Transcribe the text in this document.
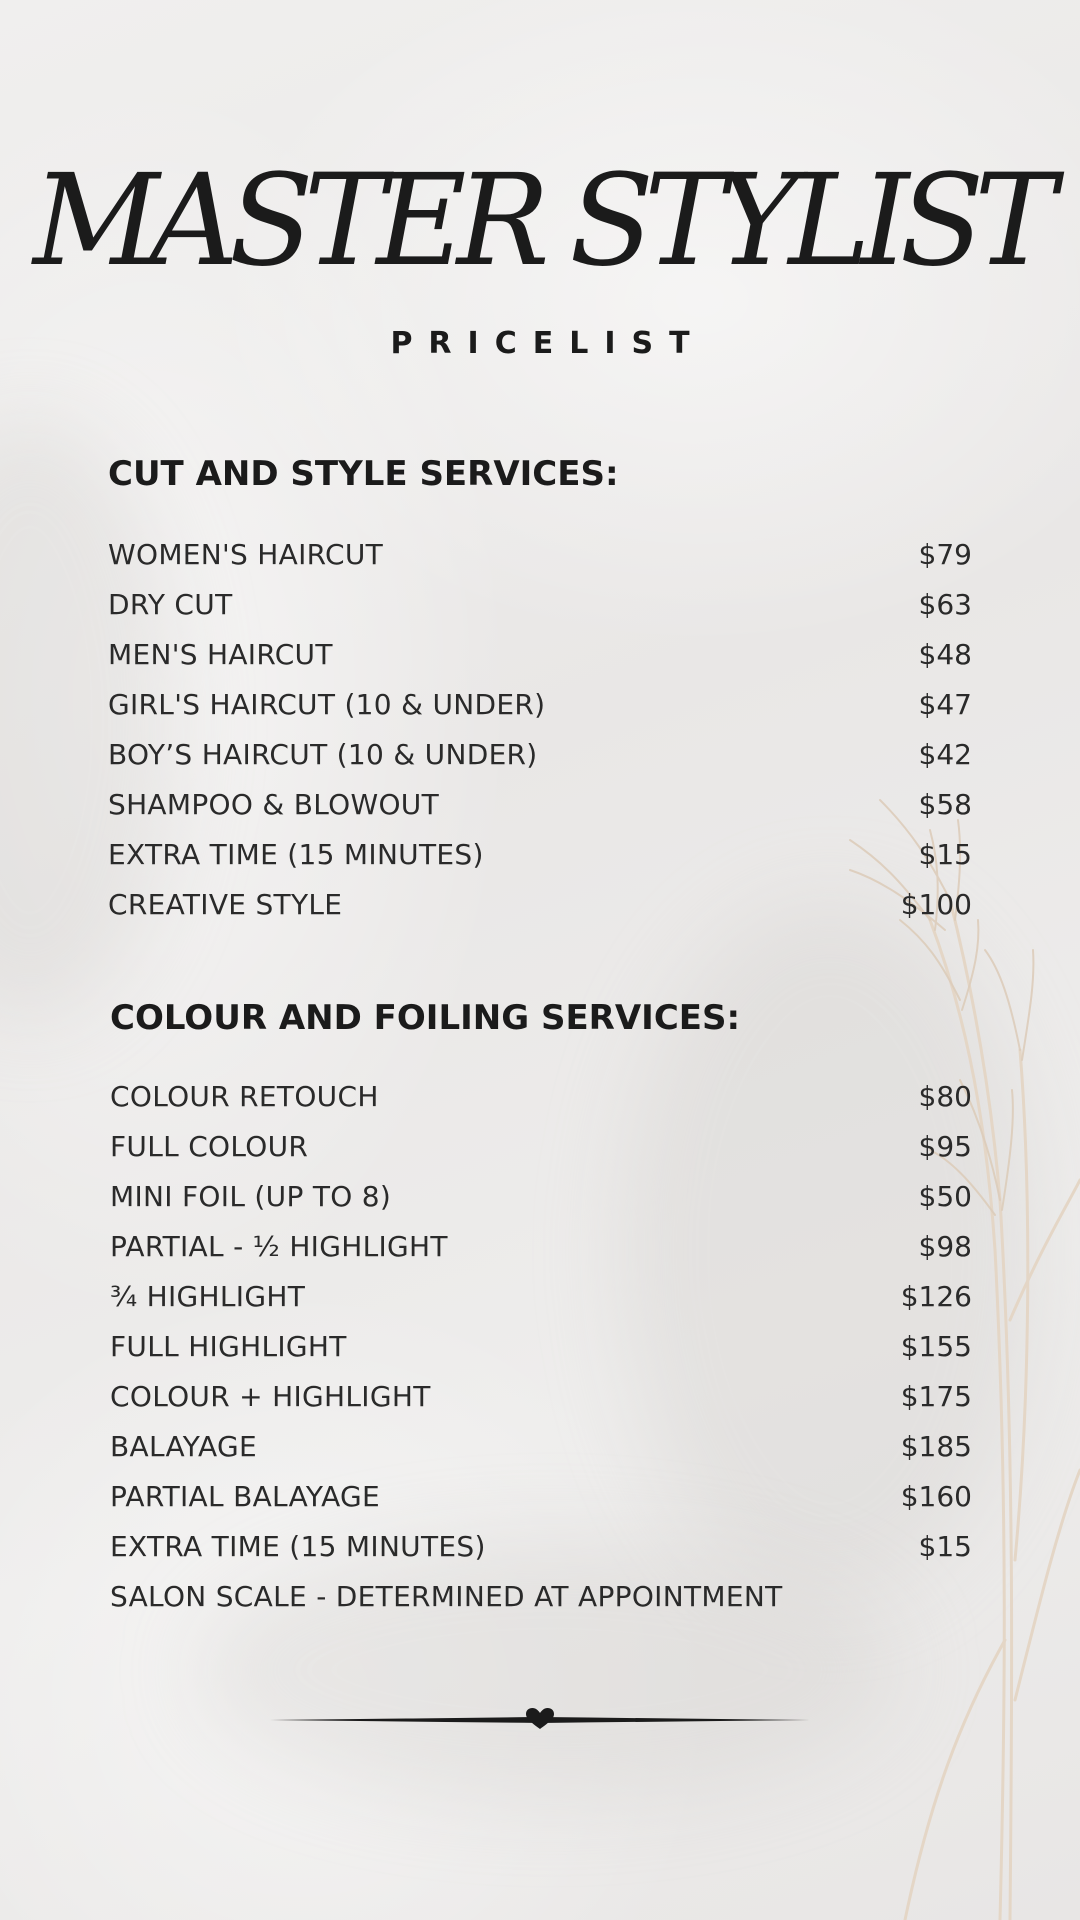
MASTER STYLIST
PRICELIST
CUT AND STYLE SERVICES:
WOMEN'S HAIRCUT	$79
DRY CUT	$63
MEN'S HAIRCUT	$48
GIRL'S HAIRCUT (10 & UNDER)	$47
BOY’S HAIRCUT (10 & UNDER)	$42
SHAMPOO & BLOWOUT	$58
EXTRA TIME (15 MINUTES)	$15
CREATIVE STYLE	$100
COLOUR AND FOILING SERVICES:
COLOUR RETOUCH	$80
FULL COLOUR	$95
MINI FOIL (UP TO 8)	$50
PARTIAL - ½ HIGHLIGHT	$98
¾ HIGHLIGHT	$126
FULL HIGHLIGHT	$155
COLOUR + HIGHLIGHT	$175
BALAYAGE	$185
PARTIAL BALAYAGE	$160
EXTRA TIME (15 MINUTES)	$15
SALON SCALE - DETERMINED AT APPOINTMENT
